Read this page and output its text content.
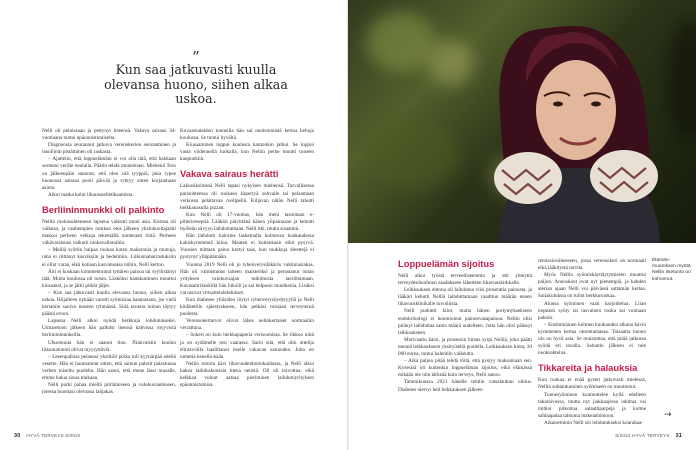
”
Kun saa jatkuvasti kuulla olevansa huono, siihen alkaa uskoa.

Nelli oli peloissaan ja pettynyt itseensä. Vakava sairaus 34-vuotiaana tuntui epäonnistumiselta.

Diagnoosia seurannut jatkuva verenokerien seuraaminen ja insuliinin pistäminen oli raskasta.

– Ajattelin, että loppuelämäni ei voi olla tätä, että hakkaan sormeni verille neulalla. Päätin tehdä muutoksen. Miehenii Tero on jälkeenpäin sanonut, että olen sitä tyyppiä, joka rypee huonossa asiassa puoli päivää ja ryhtyy sitten korjaamaan asiota.

Alkoi matka kohti liharasuelletlkaamista.

Berliininmunkki oli palkinto

Nellin ruokasuhteeseen lapsena vaikutti moni asia. Kotona oli vaikeaa, ja vanhempien ramkan etos jälkeen yksinhuoltajaäiti maksoi perheen velkoja tekemällä uunterasti töitä. Perheen vähävaraisuus vaikutti ruokavalintoihin.

– Meillä syötiin halpaa ruokaa kuten makaronia ja munuja, raha ei riittänyt kasviksiin ja hedelmiin. Liikunnaharrastuksiin ei ollut varaa, eikä kotiaan kasvatusasa niihin, Nelli kertoo.

Äiti ei koskaan kommentoinut tyttären painoa tai syyllistänyt tätä. Muita koulussa oli toisin. Läsköksi haukkuminen muuttui kiusaaksi, ja se jättii pitkät jäljet.

– Kun saa jatkuvasti kuulla olevansa huono, siihen alkaa uskoa. Hiljalleen nykään varotti syömisiaa haaurasana, jos vielä kertaniin sanivo inosten ryhmässä. Siitä tavasta minun täytyy päästä eroon.

Lapsena Nelli alkoi nyödä herkkuja lohdutukseksi. Uimaretoon jälkeen hän palkitsi itsensä kahvissa myyvistä berliininmunkeilla.

Ulkomuuta hän ei saanut tiuu. Päänvaistin koulun liikuntatunnit olivat niyyryttäviä.

– Leeenpallosa pelaessa yksiltöit poika tuli kyynärpää edellä vesette. Hän ei huomannut sitten, että sainun palotit palastunaa verben toiseltu puolelta. Hän sanoi, että mene lässi musalle, emme halua sinua mukaan.

Nelli purki pahaa mieltä piirtämiseen ja valokuvaamiseen, jotessa huomasi olevansa lahjakas.

Kuvaamataidon tunneilla hän sai onnistumistä kertoa kehuja koulussa. Se tuntui hyvältä.

Kiusaaminen loppui koulusta kamonkin jatkui. Se loppui vasta viidennellä luokalla, kun Nellin perhe muutti toiseen kaupunkiin.

Vakava sairaus herätti

Lakiosiksimesä Nelli tapasi nykyisen miehensä. Turvallisessa parisuhteessa oli ruokaea käpertyä sohvalle tai pelaamaan verkossa pelattavaa roolipeliä. Kiljavan nälän Nelli tahutti heikkanasulla pizzan.

Kun Nelli oli 17-vuotias, hän meni tasmitaan e-pillerireseptiä. Lääkäri päivittänä hänen ylipainoaan ja kehotti ttyöleän sävyyn laihduttamaan. Nelli itki, mutta sisaantui.

Hän laihdutti kaloriea laskemalla kolmessa kuukaudessa kakiskymmentä kiloa. Maaten ei kuitenkaan ollut pysyvä. Vuosien mittaan paino kertyi taas, kun tuukkoja dieettejä ei pystynyt ylläpitämään.

Vuonna 2019 Nelli oli jo tyhenverysiläkärin vakituiasiakas. Hän oli valmistunut taiteen maisteriksi ja perustanut oman yrityksen valokuvaajan tutkimusta taeriittamaan. Kavasaiirikeskiltä hän hikoili ja sai helpossi muotkenia. Lisäksi vaivasivat virtsatietulehdukset.

Kun diabeses ylläzideo löytyi tyhenverysöydytyyllä ja Nelli kiidätettiin sjäestyskseen, hän pelkäsi toisiaan terveytensä puolesta.

Verensokertarvot olivat lähes nelinkertaiset normaaliin verrattuna.

– Sokeri on kuin hiekkapaperia verisuonissa. Se rikkoo niitä ja on sydämelle tosi vaarassa. Sarin sitä, että olin ottelija elintavoilla haaliltanut itselle vakavan sairauden. Joita on nimetiä kenellä-kään.

Nellin tutoria kävi lihavuudenhoitokaidossa, ja Nelli alkoi hakea laihduskonssia ittesa netistä. Oli oli toivottua, eikä kelkkaa voinut aatsaa pieriminen laihdutuyrityksen epäonnistumisa.

Loppuelämän sijoitus

Nelli alkoi työstä terveelliseenmin ja otti yhteyttä terveydenhuoltoon saadakseen lähetteen lihavuuskirkkalle.

Leikkauksen ehtona oli laihdutua viisi prosenttia painosta, ja lääkäri kehotti Nelliä laihduttamaan vaaditun määrän ennen lihavuusklinikalle tuvoiliista.

Nelli puduttti kilot, mutta hänen portymyksekseen endokrinologi ei huomioinut painonvasapainoa. Nellin olisi pitänyt laihduttaa sama määrä uudelleen. Jotta hän olisi päässyt leikkaukseen.

Motivaatio kärsi, ja prosessin hitaus syrpi Nelliä, joka päätti mennä leikkaukseen yksityiseltä puolella. Leikkauksen hinta, 10 000 euroa, tuntui kalentiin vaikeutta.

– Aika paljon pitää tehdä töitä, että pystyy maksamaan sen. Kysesisä oli kuitenkin loppuelämän sijoitus, eikä elämässä mikään ole niin tärkeää kuin terveys, Nelli sanoo.

Tammikuussa 2021 hänelle tehtiin vatsalaukun ohitus. Diabetes ulerryi heti leikkauksen jälkeen

remissioväheeseen, jossa verensokeri on normaali eikä lääkitystä tarvita.

Myös Nellin syömiskäyttäytymiseen muuttui paljon. Annoskoot ovat nyt pienempiä, ja kahden alerian ajaan Nelli voi päivässä sattamän kertaa. Saliakuluksia on tullut herkkuruokaa.

Aluosa syöminen vaati harjoittelua. Liian nopeasti syöty tai rasvainen ruoka sai voimaan pahoin.

– Ensimmäinen kolmen kuukauden aikana kävin kymmenen kertaa oksentamassa. Toisaalta huono olo on hyvä asia. Se muistuttaa, että pitää jatkossa syödä eri tavalla. Saluutin jälkeen ei tule nuoksahtelua.

Tikkareita ja halauksia

Kun ruokaa ei enää pystei jatkuvasti mielessä, Nellin suhtautuminen syömiseen on muuttunut.

Tunnesyöminen kuumottelee kyllä edelleen takaraivossa, mutta nyt jiakkaajessa odottaa vai mitkoi pilkottua salaattiparpeja ja kolme sahlaapalaa tahtuma makeanhimoon.

Aikaisemmin Nelli söi lohdutukseksi kourakaa-

Elämän-muutoksen myötä Nellin itsetunto on kohonnut.
→
30 HYVÄ TERVEYS 6/2022	6/2022 HYVÄ TERVEYS 31
